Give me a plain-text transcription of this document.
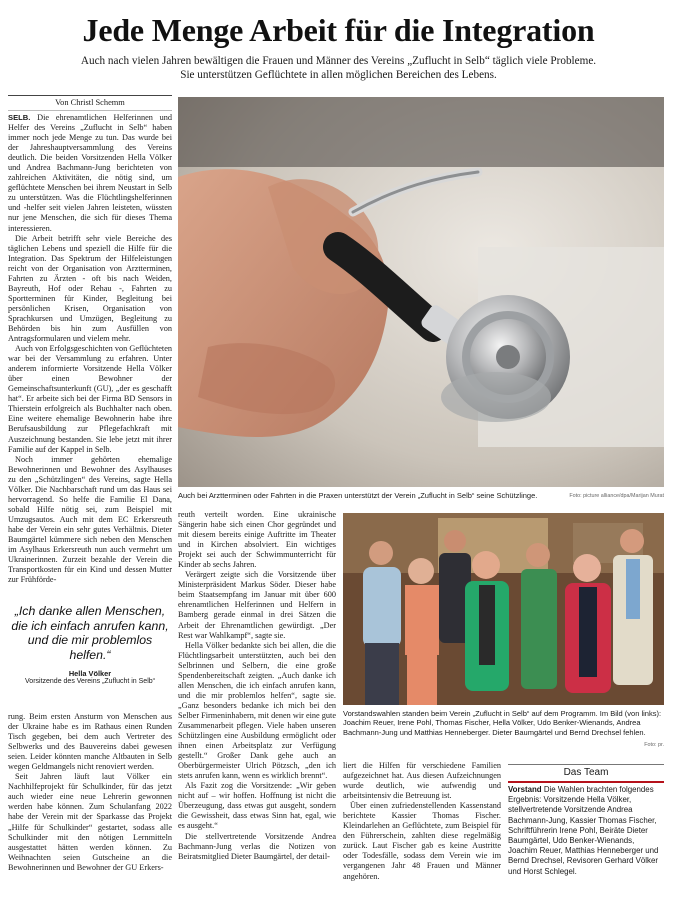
Jede Menge Arbeit für die Integration
Auch nach vielen Jahren bewältigen die Frauen und Männer des Vereins „Zuflucht in Selb“ täglich viele Probleme.
Sie unterstützen Geflüchtete in allen möglichen Bereichen des Lebens.
Von Christl Schemm

SELB. Die ehrenamtlichen Helferinnen und Helfer des Vereins „Zuflucht in Selb“ haben immer noch jede Menge zu tun. Das wurde bei der Jahreshauptversammlung des Vereins deutlich. Die beiden Vorsitzenden Hella Völker und Andrea Bachmann-Jung berichteten von zahlreichen Aktivitäten, die nötig sind, um geflüchtete Menschen bei ihrem Neustart in Selb zu unterstützen. Was die Flüchtlingshelferinnen und -helfer seit vielen Jahren leisteten, wüssten nur jene Menschen, die sich für dieses Thema interessieren.

Die Arbeit betrifft sehr viele Bereiche des täglichen Lebens und speziell die Hilfe für die Integration. Das Spektrum der Hilfeleistungen reicht von der Organisation von Arztterminen, Fahrten zu Ärzten - oft bis nach Weiden, Bayreuth, Hof oder Rehau -, Fahrten zu Sportterminen für Kinder, Begleitung bei persönlichen Krisen, Organisation von Sprachkursen und Umzügen, Begleitung zu Behörden bis hin zum Ausfüllen von Antragsformularen und vielem mehr.

Auch von Erfolgsgeschichten von Geflüchteten war bei der Versammlung zu erfahren. Unter anderem informierte Vorsitzende Hella Völker über einen Bewohner der Gemeinschaftsunterkunft (GU), „der es geschafft hat“. Er arbeite sich bei der Firma BD Sensors in Thierstein erfolgreich als Buchhalter nach oben. Eine weitere ehemalige Bewohnerin habe ihre Berufsausbildung zur Pflegefachkraft mit Auszeichnung bestanden. Sie lebe jetzt mit ihrer Familie auf der Kappel in Selb.

Noch immer gehörten ehemalige Bewohnerinnen und Bewohner des Asylhauses zu den „Schützlingen“ des Vereins, sagte Hella Völker. Die Nachbarschaft rund um das Haus sei hervorragend. So helfe die Familie El Dana, sobald Hilfe nötig sei, zum Beispiel mit Umzugsautos. Auch mit dem EC Erkersreuth habe der Verein ein sehr gutes Verhältnis. Dieter Baumgärtel kümmere sich neben den Menschen im Asylhaus Erkersreuth nun auch vermehrt um Ukrainerinnen. Zurzeit bezahle der Verein die Transportkosten für ein Kind und dessen Mutter zur Frühförde-

„Ich danke allen Menschen, die ich einfach anrufen kann, und die mir problemlos helfen.“
Hella Völker
Vorsitzende des Vereins „Zuflucht in Selb“

rung. Beim ersten Ansturm von Menschen aus der Ukraine habe es im Rathaus einen Runden Tisch gegeben, bei dem auch Vertreter des Selbwerks und des Bauvereins dabei gewesen seien. Leider könnten manche Altbauten in Selb wegen Geldmangels nicht renoviert werden.

Seit Jahren läuft laut Völker ein Nachhilfeprojekt für Schulkinder, für das jetzt auch wieder eine neue Lehrerin gewonnen werden habe können. Zum Schulanfang 2022 habe der Verein mit der Sparkasse das Projekt „Hilfe für Schulkinder“ gestartet, sodass alle Schulkinder mit den nötigen Lernmitteln ausgestattet hätten werden können. Zu Weihnachten seien Gutscheine an die Bewohnerinnen und Bewohner der GU Erkers-

Auch bei Arztterminen oder Fahrten in die Praxen unterstützt der Verein „Zuflucht in Selb“ seine Schützlinge.	Foto: picture alliance/dpa/Marijan Murat

reuth verteilt worden. Eine ukrainische Sängerin habe sich einen Chor gegründet und mit diesem bereits einige Auftritte im Theater und in Kirchen absolviert. Ein wichtiges Projekt sei auch der Schwimmunterricht für Kinder ab sechs Jahren.

Verärgert zeigte sich die Vorsitzende über Ministerpräsident Markus Söder. Dieser habe beim Staatsempfang im Januar mit über 600 ehrenamtlichen Helferinnen und Helfern in Bamberg gerade einmal in drei Sätzen die Arbeit der Ehrenamtlichen gewürdigt. „Der Rest war Wahlkampf“, sagte sie.

Hella Völker bedankte sich bei allen, die die Flüchtlingsarbeit unterstützten, auch bei den Selbrinnen und Selbern, die eine große Spendenbereitschaft zeigten. „Auch danke ich allen Menschen, die ich einfach anrufen kann, und die mir problemlos helfen“, sagte sie. „Ganz besonders bedanke ich mich bei den Selber Firmeninhabern, mit denen wir eine gute Zusammenarbeit pflegen. Viele haben unseren Schützlingen eine Ausbildung ermöglicht oder ihnen einen Arbeitsplatz zur Verfügung gestellt.“ Großer Dank gehe auch an Oberbürgermeister Ulrich Pötzsch, „den ich stets anrufen kann, wenn es wirklich brennt“.

Als Fazit zog die Vorsitzende: „Wir geben nicht auf – wir hoffen. Hoffnung ist nicht die Überzeugung, dass etwas gut ausgeht, sondern die Gewissheit, dass etwas Sinn hat, egal, wie es ausgeht.“

Die stellvertretende Vorsitzende Andrea Bachmann-Jung verlas die Notizen von Beiratsmitglied Dieter Baumgärtel, der detail-

Vorstandswahlen standen beim Verein „Zuflucht in Selb“ auf dem Programm. Im Bild (von links): Joachim Reuer, Irene Pohl, Thomas Fischer, Hella Völker, Udo Benker-Wienands, Andrea Bachmann-Jung und Matthias Henneberger. Dieter Baumgärtel und Bernd Drechsel fehlen.
Foto: pr.

liert die Hilfen für verschiedene Familien aufgezeichnet hat. Aus diesen Aufzeichnungen wurde deutlich, wie aufwendig und arbeitsintensiv die Betreuung ist.

Über einen zufriedenstellenden Kassenstand berichtete Kassier Thomas Fischer. Kleindarlehen an Geflüchtete, zum Beispiel für den Führerschein, zahlten diese regelmäßig zurück. Laut Fischer gab es keine Austritte oder Todesfälle, sodass dem Verein wie im vergangenen Jahr 48 Frauen und Männer angehören.

Das Team
Vorstand Die Wahlen brachten folgendes Ergebnis: Vorsitzende Hella Völker, stellvertretende Vorsitzende Andrea Bachmann-Jung, Kassier Thomas Fischer, Schriftführerin Irene Pohl, Beiräte Dieter Baumgärtel, Udo Benker-Wienands, Joachim Reuer, Matthias Henneberger und Bernd Drechsel, Revisoren Gerhard Völker und Horst Schlegel.
